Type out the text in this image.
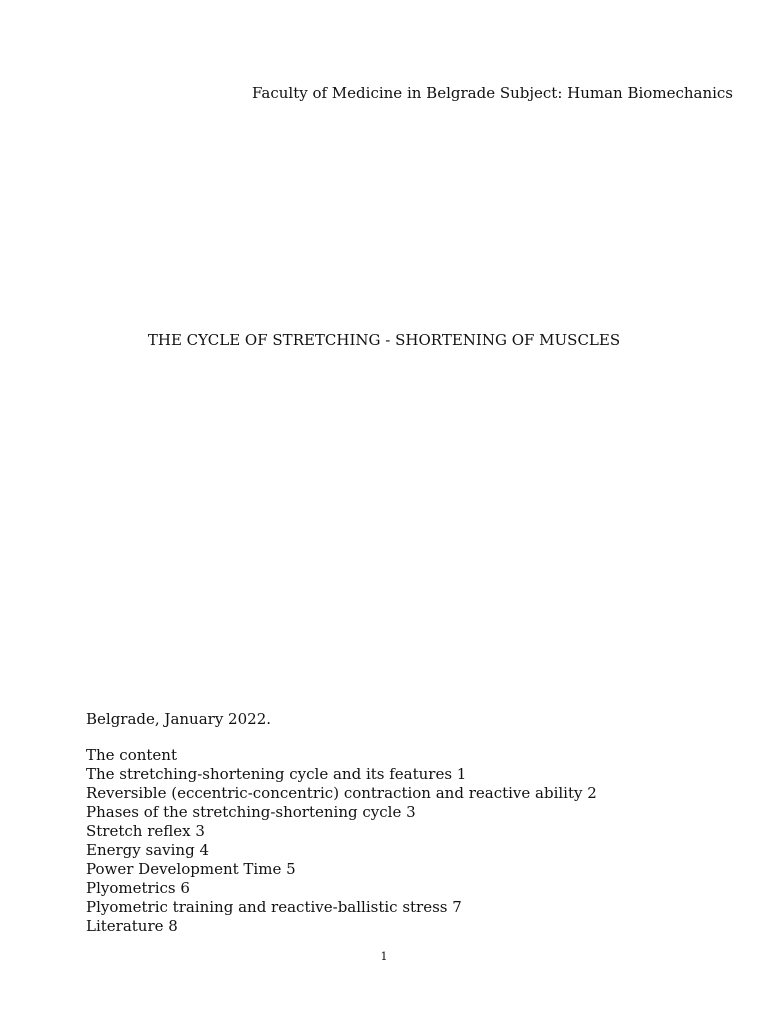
Faculty of Medicine in Belgrade Subject: Human Biomechanics
THE CYCLE OF STRETCHING - SHORTENING OF MUSCLES
Belgrade, January 2022.
The content
The stretching-shortening cycle and its features 1
Reversible (eccentric-concentric) contraction and reactive ability 2
Phases of the stretching-shortening cycle 3
Stretch reflex 3
Energy saving 4
Power Development Time 5
Plyometrics 6
Plyometric training and reactive-ballistic stress 7
Literature 8
1
